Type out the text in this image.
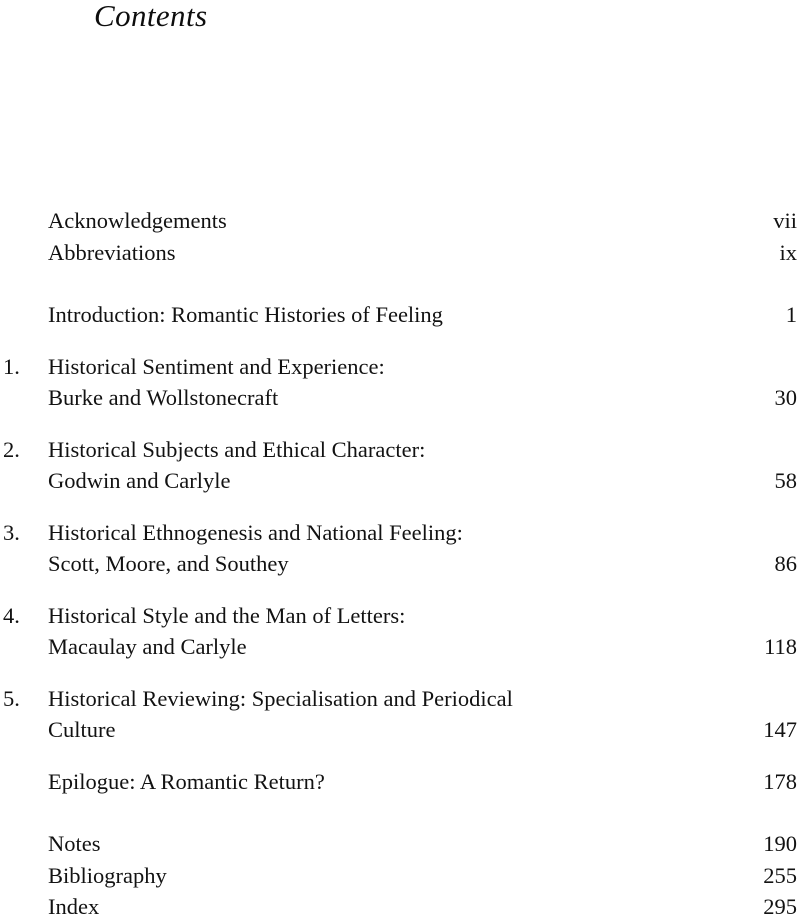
Contents
Acknowledgements	vii
Abbreviations	ix
Introduction: Romantic Histories of Feeling	1
1.	Historical Sentiment and Experience:
Burke and Wollstonecraft	30
2.	Historical Subjects and Ethical Character:
Godwin and Carlyle	58
3.	Historical Ethnogenesis and National Feeling:
Scott, Moore, and Southey	86
4.	Historical Style and the Man of Letters:
Macaulay and Carlyle	118
5.	Historical Reviewing: Specialisation and Periodical
Culture	147
Epilogue: A Romantic Return?	178
Notes	190
Bibliography	255
Index	295
